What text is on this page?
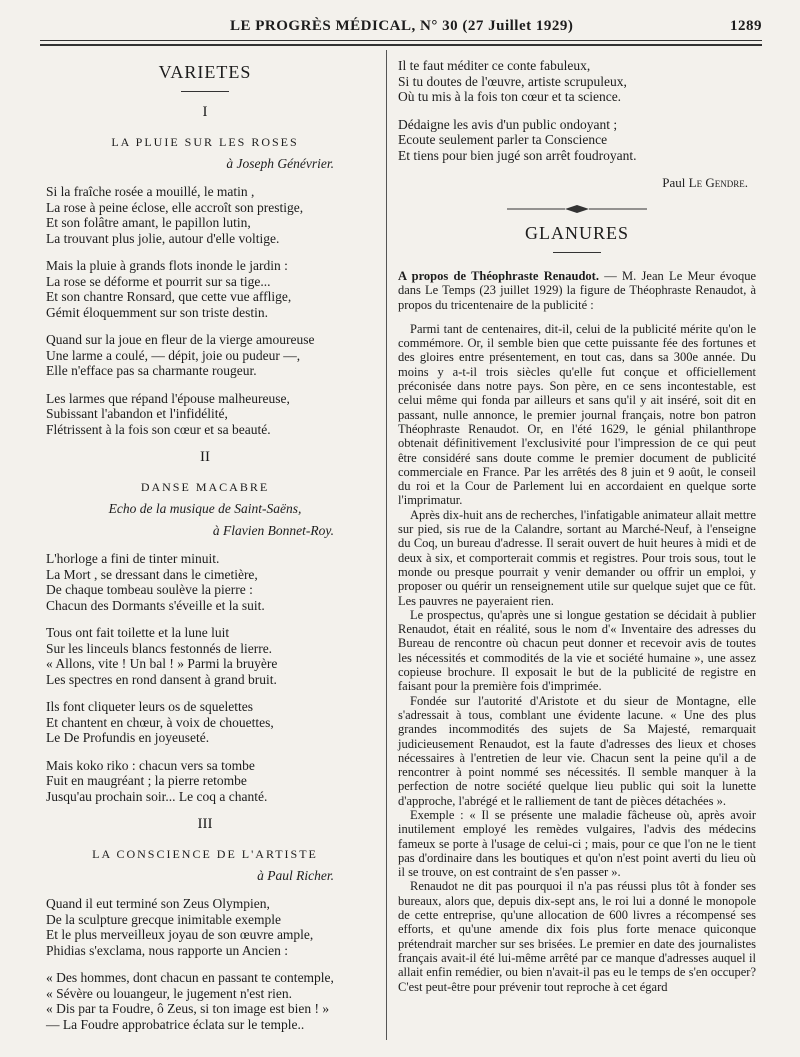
LE PROGRÈS MÉDICAL, N° 30 (27 Juillet 1929)	1289
VARIETES
I
LA PLUIE SUR LES ROSES
à Joseph Génévrier.
Si la fraîche rosée a mouillé, le matin ,
La rose à peine éclose, elle accroît son prestige,
Et son folâtre amant, le papillon lutin,
La trouvant plus jolie, autour d'elle voltige.
Mais la pluie à grands flots inonde le jardin :
La rose se déforme et pourrit sur sa tige...
Et son chantre Ronsard, que cette vue afflige,
Gémit éloquemment sur son triste destin.
Quand sur la joue en fleur de la vierge amoureuse
Une larme a coulé, — dépit, joie ou pudeur —,
Elle n'efface pas sa charmante rougeur.
Les larmes que répand l'épouse malheureuse,
Subissant l'abandon et l'infidélité,
Flétrissent à la fois son cœur et sa beauté.
II
DANSE MACABRE
Echo de la musique de Saint-Saëns,
à Flavien Bonnet-Roy.
L'horloge a fini de tinter minuit.
La Mort , se dressant dans le cimetière,
De chaque tombeau soulève la pierre :
Chacun des Dormants s'éveille et la suit.
Tous ont fait toilette et la lune luit
Sur les linceuls blancs festonnés de lierre.
« Allons, vite ! Un bal ! » Parmi la bruyère
Les spectres en rond dansent à grand bruit.
Ils font cliqueter leurs os de squelettes
Et chantent en chœur, à voix de chouettes,
Le De Profundis en joyeuseté.
Mais koko riko : chacun vers sa tombe
Fuit en maugréant ; la pierre retombe
Jusqu'au prochain soir... Le coq a chanté.
III
LA CONSCIENCE DE L'ARTISTE
à Paul Richer.
Quand il eut terminé son Zeus Olympien,
De la sculpture grecque inimitable exemple
Et le plus merveilleux joyau de son œuvre ample,
Phidias s'exclama, nous rapporte un Ancien :
« Des hommes, dont chacun en passant te contemple,
« Sévère ou louangeur, le jugement n'est rien.
« Dis par ta Foudre, ô Zeus, si ton image est bien ! »
— La Foudre approbatrice éclata sur le temple..
Il te faut méditer ce conte fabuleux,
Si tu doutes de l'œuvre, artiste scrupuleux,
Où tu mis à la fois ton cœur et ta science.
Dédaigne les avis d'un public ondoyant ;
Ecoute seulement parler ta Conscience
Et tiens pour bien jugé son arrêt foudroyant.
Paul Le Gendre.
GLANURES

A propos de Théophraste Renaudot. — M. Jean Le Meur évoque dans Le Temps (23 juillet 1929) la figure de Théophraste Renaudot, à propos du tricentenaire de la publicité :

Parmi tant de centenaires, dit-il, celui de la publicité mérite qu'on le commémore. Or, il semble bien que cette puissante fée des fortunes et des gloires entre présentement, en tout cas, dans sa 300e année. Du moins y a-t-il trois siècles qu'elle fut conçue et officiellement préconisée dans notre pays. Son père, en ce sens incontestable, est celui même qui fonda par ailleurs et sans qu'il y ait inséré, soit dit en passant, nulle annonce, le premier journal français, notre bon patron Théophraste Renaudot. Or, en l'été 1629, le génial philanthrope obtenait définitivement l'exclusivité pour l'impression de ce qui peut être considéré sans doute comme le premier document de publicité commerciale en France. Par les arrêtés des 8 juin et 9 août, le conseil du roi et la Cour de Parlement lui en accordaient en quelque sorte l'imprimatur.

Après dix-huit ans de recherches, l'infatigable animateur allait mettre sur pied, sis rue de la Calandre, sortant au Marché-Neuf, à l'enseigne du Coq, un bureau d'adresse. Il serait ouvert de huit heures à midi et de deux à six, et comporterait commis et registres. Pour trois sous, tout le monde ou presque pourrait y venir demander ou offrir un emploi, y proposer ou quérir un renseignement utile sur quelque sujet que ce fût. Les pauvres ne payeraient rien.

Le prospectus, qu'après une si longue gestation se décidait à publier Renaudot, était en réalité, sous le nom d'« Inventaire des adresses du Bureau de rencontre où chacun peut donner et recevoir avis de toutes les nécessités et commodités de la vie et société humaine », une assez copieuse brochure. Il exposait le but de la publicité de registre en faisant pour la première fois d'imprimée.

Fondée sur l'autorité d'Aristote et du sieur de Montagne, elle s'adressait à tous, comblant une évidente lacune. « Une des plus grandes incommodités des sujets de Sa Majesté, remarquait judicieusement Renaudot, est la faute d'adresses des lieux et choses nécessaires à l'entretien de leur vie. Chacun sent la peine qu'il a de rencontrer à point nommé ses nécessités. Il semble manquer à la perfection de notre société quelque lieu public qui soit la lunette d'approche, l'abrégé et le ralliement de tant de pièces détachées ».

Exemple : « Il se présente une maladie fâcheuse où, après avoir inutilement employé les remèdes vulgaires, l'advis des médecins fameux se porte à l'usage de celui-ci ; mais, pour ce que l'on ne le tient pas d'ordinaire dans les boutiques et qu'on n'est point averti du lieu où il se trouve, on est contraint de s'en passer ».

Renaudot ne dit pas pourquoi il n'a pas réussi plus tôt à fonder ses bureaux, alors que, depuis dix-sept ans, le roi lui a donné le monopole de cette entreprise, qu'une allocation de 600 livres a récompensé ses efforts, et qu'une amende dix fois plus forte menace quiconque prétendrait marcher sur ses brisées. Le premier en date des journalistes français avait-il été lui-même arrêté par ce manque d'adresses auquel il allait enfin remédier, ou bien n'avait-il pas eu le temps de s'en occuper? C'est peut-être pour prévenir tout reproche à cet égard
